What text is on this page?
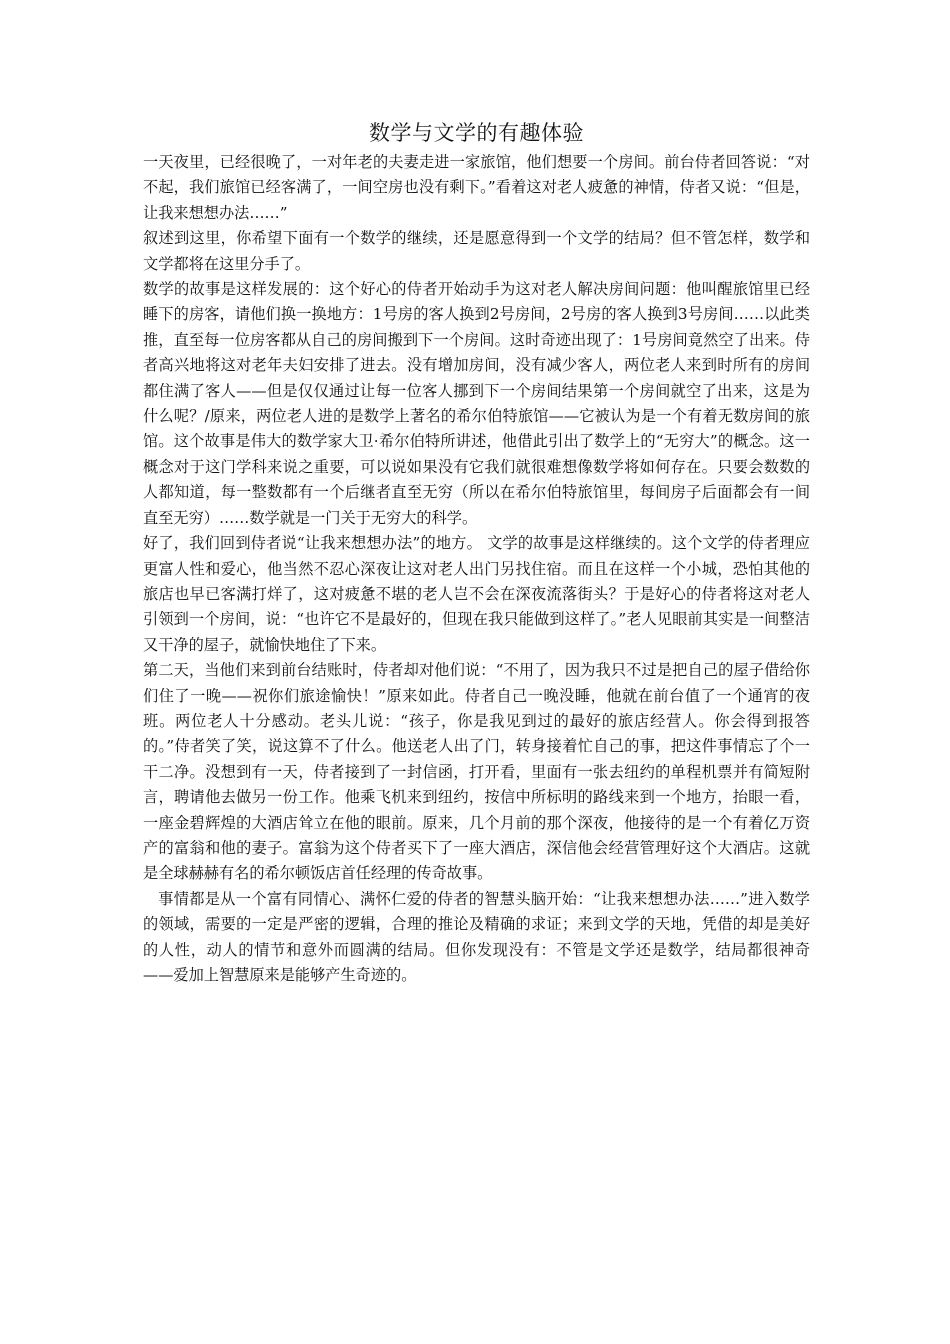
数学与文学的有趣体验

一天夜里，已经很晚了，一对年老的夫妻走进一家旅馆，他们想要一个房间。前台侍者回答说：“对不起，我们旅馆已经客满了，一间空房也没有剩下。”看着这对老人疲惫的神情，侍者又说：“但是，让我来想想办法……”

叙述到这里，你希望下面有一个数学的继续，还是愿意得到一个文学的结局？但不管怎样，数学和文学都将在这里分手了。

数学的故事是这样发展的：这个好心的侍者开始动手为这对老人解决房间问题：他叫醒旅馆里已经睡下的房客，请他们换一换地方：1号房的客人换到2号房间，2号房的客人换到3号房间……以此类推，直至每一位房客都从自己的房间搬到下一个房间。这时奇迹出现了：1号房间竟然空了出来。侍者高兴地将这对老年夫妇安排了进去。没有增加房间，没有减少客人，两位老人来到时所有的房间都住满了客人——但是仅仅通过让每一位客人挪到下一个房间结果第一个房间就空了出来，这是为什么呢？/原来，两位老人进的是数学上著名的希尔伯特旅馆——它被认为是一个有着无数房间的旅馆。这个故事是伟大的数学家大卫·希尔伯特所讲述，他借此引出了数学上的“无穷大”的概念。这一概念对于这门学科来说之重要，可以说如果没有它我们就很难想像数学将如何存在。只要会数数的人都知道，每一整数都有一个后继者直至无穷（所以在希尔伯特旅馆里，每间房子后面都会有一间直至无穷）……数学就是一门关于无穷大的科学。

好了，我们回到侍者说“让我来想想办法”的地方。 文学的故事是这样继续的。这个文学的侍者理应更富人性和爱心，他当然不忍心深夜让这对老人出门另找住宿。而且在这样一个小城，恐怕其他的旅店也早已客满打烊了，这对疲惫不堪的老人岂不会在深夜流落街头？于是好心的侍者将这对老人引领到一个房间，说：“也许它不是最好的，但现在我只能做到这样了。”老人见眼前其实是一间整洁又干净的屋子，就愉快地住了下来。

第二天，当他们来到前台结账时，侍者却对他们说：“不用了，因为我只不过是把自己的屋子借给你们住了一晚——祝你们旅途愉快！”原来如此。侍者自己一晚没睡，他就在前台值了一个通宵的夜班。两位老人十分感动。老头儿说：“孩子，你是我见到过的最好的旅店经营人。你会得到报答的。”侍者笑了笑，说这算不了什么。他送老人出了门，转身接着忙自己的事，把这件事情忘了个一干二净。没想到有一天，侍者接到了一封信函，打开看，里面有一张去纽约的单程机票并有简短附言，聘请他去做另一份工作。他乘飞机来到纽约，按信中所标明的路线来到一个地方，抬眼一看，一座金碧辉煌的大酒店耸立在他的眼前。原来，几个月前的那个深夜，他接待的是一个有着亿万资产的富翁和他的妻子。富翁为这个侍者买下了一座大酒店，深信他会经营管理好这个大酒店。这就是全球赫赫有名的希尔顿饭店首任经理的传奇故事。

事情都是从一个富有同情心、满怀仁爱的侍者的智慧头脑开始：“让我来想想办法……”进入数学的领域，需要的一定是严密的逻辑，合理的推论及精确的求证；来到文学的天地，凭借的却是美好的人性，动人的情节和意外而圆满的结局。但你发现没有：不管是文学还是数学，结局都很神奇——爱加上智慧原来是能够产生奇迹的。
